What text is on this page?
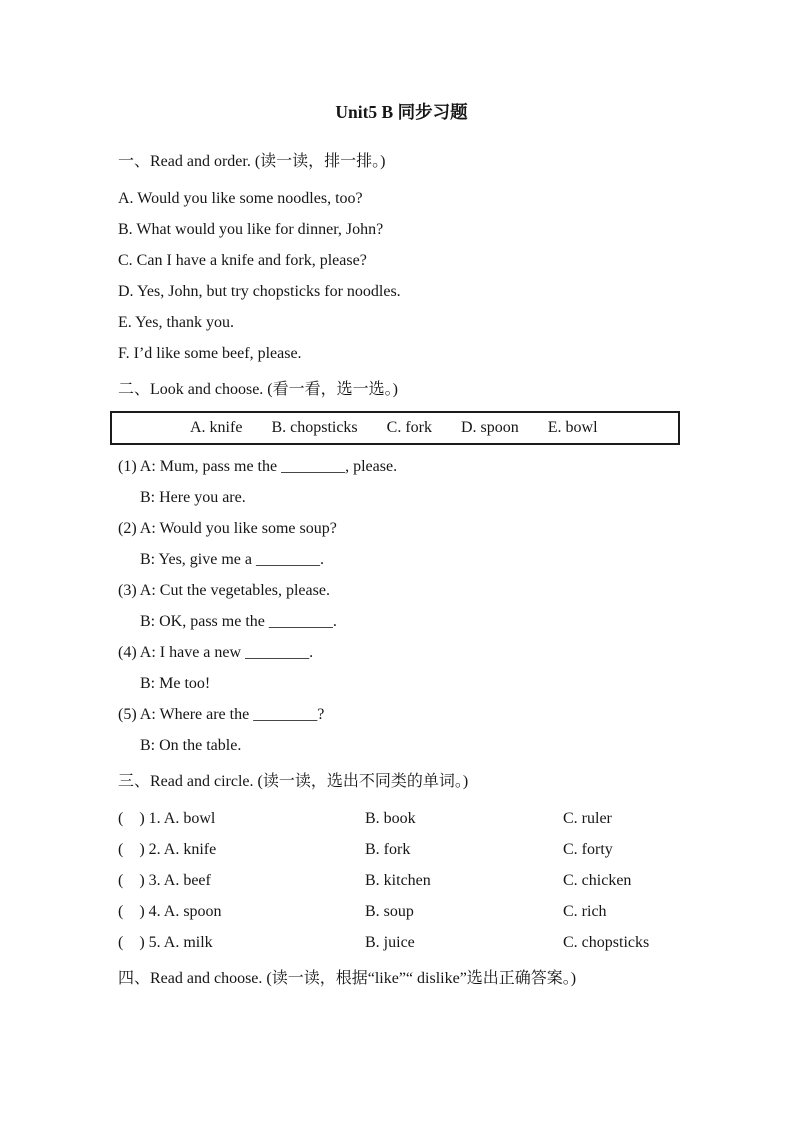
Unit5 B 同步习题
一、Read and order. (读一读，排一排。)
A. Would you like some noodles, too?
B. What would you like for dinner, John?
C. Can I have a knife and fork, please?
D. Yes, John, but try chopsticks for noodles.
E. Yes, thank you.
F. I’d like some beef, please.
二、Look and choose. (看一看，选一选。)
A. knife B. chopsticks C. fork D. spoon E. bowl
(1) A: Mum, pass me the ________, please.
B: Here you are.
(2) A: Would you like some soup?
B: Yes, give me a ________.
(3) A: Cut the vegetables, please.
B: OK, pass me the ________.
(4) A: I have a new ________.
B: Me too!
(5) A: Where are the ________?
B: On the table.
三、Read and circle. (读一读，选出不同类的单词。)
( ) 1. A. bowl	B. book	C. ruler
( ) 2. A. knife	B. fork	C. forty
( ) 3. A. beef	B. kitchen	C. chicken
( ) 4. A. spoon	B. soup	C. rich
( ) 5. A. milk	B. juice	C. chopsticks
四、Read and choose. (读一读，根据“like”“ dislike”选出正确答案。)
